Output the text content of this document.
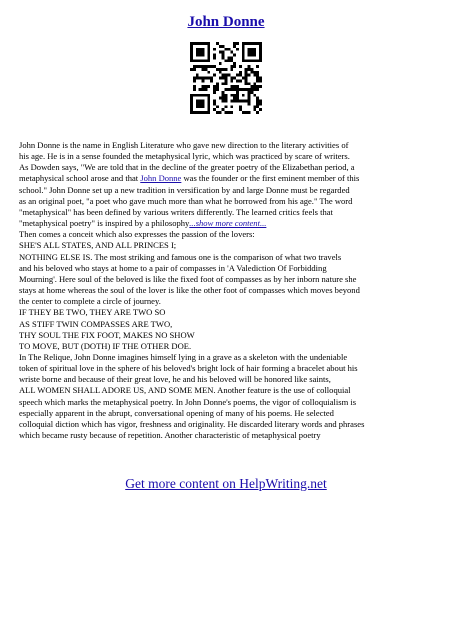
John Donne

John Donne is the name in English Literature who gave new direction to the literary activities of

his age. He is in a sense founded the metaphysical lyric, which was practiced by scare of writers.

As Dowden says, "We are told that in the decline of the greater poetry of the Elizabethan period, a

metaphysical school arose and that John Donne was the founder or the first eminent member of this

school." John Donne set up a new tradition in versification by and large Donne must be regarded

as an original poet, "a poet who gave much more than what he borrowed from his age." The word

"metaphysical" has been defined by various writers differently. The learned critics feels that

"metaphysical poetry" is inspired by a philosophy...show more content...

Then comes a conceit which also expresses the passion of the lovers:

SHE'S ALL STATES, AND ALL PRINCES I;

NOTHING ELSE IS. The most striking and famous one is the comparison of what two travels

and his beloved who stays at home to a pair of compasses in 'A Valediction Of Forbidding

Mourning'. Here soul of the beloved is like the fixed foot of compasses as by her inborn nature she

stays at home whereas the soul of the lover is like the other foot of compasses which moves beyond

the center to complete a circle of journey.

IF THEY BE TWO, THEY ARE TWO SO

AS STIFF TWIN COMPASSES ARE TWO,

THY SOUL THE FIX FOOT, MAKES NO SHOW

TO MOVE, BUT (DOTH) IF THE OTHER DOE.

In The Relique, John Donne imagines himself lying in a grave as a skeleton with the undeniable

token of spiritual love in the sphere of his beloved's bright lock of hair forming a bracelet about his

wriste borne and because of their great love, he and his beloved will be honored like saints,

ALL WOMEN SHALL ADORE US, AND SOME MEN. Another feature is the use of colloquial

speech which marks the metaphysical poetry. In John Donne's poems, the vigor of colloquialism is

especially apparent in the abrupt, conversational opening of many of his poems. He selected

colloquial diction which has vigor, freshness and originality. He discarded literary words and phrases

which became rusty because of repetition. Another characteristic of metaphysical poetry

Get more content on HelpWriting.net
